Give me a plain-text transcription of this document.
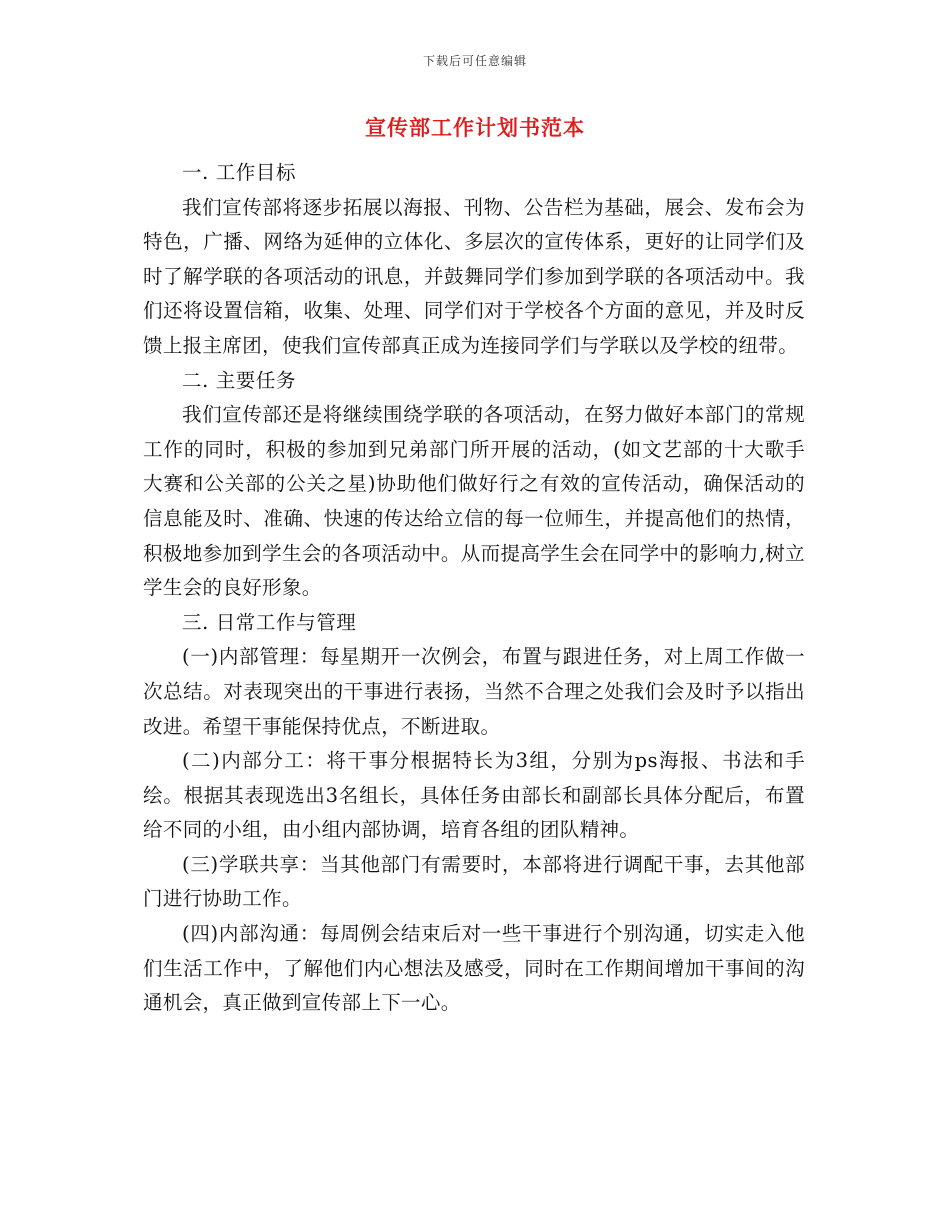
下载后可任意编辑
宣传部工作计划书范本

一. 工作目标

我们宣传部将逐步拓展以海报、刊物、公告栏为基础，展会、发布会为特色，广播、网络为延伸的立体化、多层次的宣传体系，更好的让同学们及时了解学联的各项活动的讯息，并鼓舞同学们参加到学联的各项活动中。我们还将设置信箱，收集、处理、同学们对于学校各个方面的意见，并及时反馈上报主席团，使我们宣传部真正成为连接同学们与学联以及学校的纽带。

二. 主要任务

我们宣传部还是将继续围绕学联的各项活动，在努力做好本部门的常规工作的同时，积极的参加到兄弟部门所开展的活动，(如文艺部的十大歌手大赛和公关部的公关之星)协助他们做好行之有效的宣传活动，确保活动的信息能及时、准确、快速的传达给立信的每一位师生，并提高他们的热情，积极地参加到学生会的各项活动中。从而提高学生会在同学中的影响力,树立学生会的良好形象。

三. 日常工作与管理

(一)内部管理：每星期开一次例会，布置与跟进任务，对上周工作做一次总结。对表现突出的干事进行表扬，当然不合理之处我们会及时予以指出改进。希望干事能保持优点，不断进取。

(二)内部分工：将干事分根据特长为3组，分别为ps海报、书法和手绘。根据其表现选出3名组长，具体任务由部长和副部长具体分配后，布置给不同的小组，由小组内部协调，培育各组的团队精神。

(三)学联共享：当其他部门有需要时，本部将进行调配干事，去其他部门进行协助工作。

(四)内部沟通：每周例会结束后对一些干事进行个别沟通，切实走入他们生活工作中，了解他们内心想法及感受，同时在工作期间增加干事间的沟通机会，真正做到宣传部上下一心。
